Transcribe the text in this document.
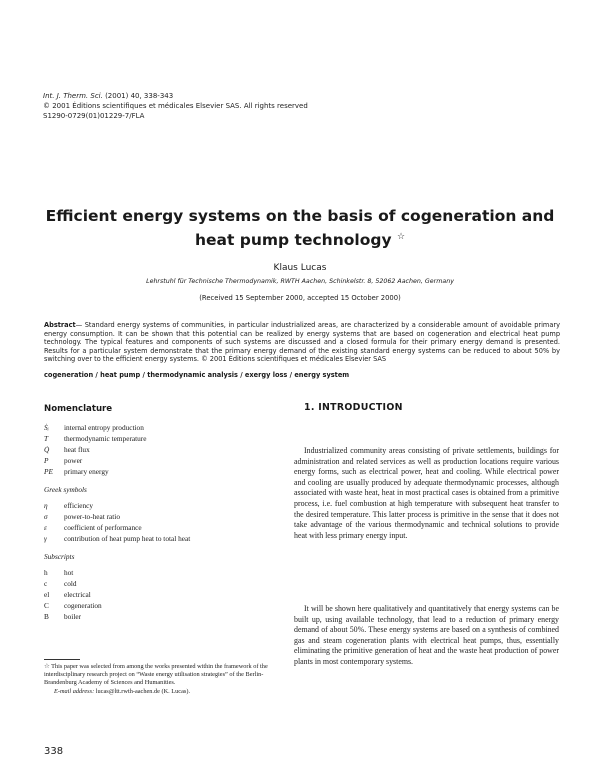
Int. J. Therm. Sci. (2001) 40, 338-343
© 2001 Éditions scientifiques et médicales Elsevier SAS. All rights reserved
S1290-0729(01)01229-7/FLA
Efficient energy systems on the basis of cogeneration and
heat pump technology ☆
Klaus Lucas
Lehrstuhl für Technische Thermodynamik, RWTH Aachen, Schinkelstr. 8, 52062 Aachen, Germany
(Received 15 September 2000, accepted 15 October 2000)
Abstract— Standard energy systems of communities, in particular industrialized areas, are characterized by a considerable amount of avoidable primary energy consumption. It can be shown that this potential can be realized by energy systems that are based on cogeneration and electrical heat pump technology. The typical features and components of such systems are discussed and a closed formula for their primary energy demand is presented. Results for a particular system demonstrate that the primary energy demand of the existing standard energy systems can be reduced to about 50% by switching over to the efficient energy systems. © 2001 Éditions scientifiques et médicales Elsevier SAS
cogeneration / heat pump / thermodynamic analysis / exergy loss / energy system
Nomenclature	1. INTRODUCTION
Ṡᵢ	internal entropy production
T	thermodynamic temperature
Q̇	heat flux
P	power
PE	primary energy
Greek symbols
η	efficiency
σ	power-to-heat ratio
ε	coefficient of performance
γ	contribution of heat pump heat to total heat
Subscripts
h	hot
c	cold
el	electrical
C	cogeneration
B	boiler
☆ This paper was selected from among the works presented within the framework of the interdisciplinary research project on “Waste energy utilisation strategies” of the Berlin-Brandenburg Academy of Sciences and Humanities.
E-mail address: lucas@ltt.rwth-aachen.de (K. Lucas).
338

Industrialized community areas consisting of private settlements, buildings for administration and related services as well as production locations require various energy forms, such as electrical power, heat and cooling. While electrical power and cooling are usually produced by adequate thermodynamic processes, although associated with waste heat, heat in most practical cases is obtained from a primitive process, i.e. fuel combustion at high temperature with subsequent heat transfer to the desired temperature. This latter process is primitive in the sense that it does not take advantage of the various thermodynamic and technical solutions to provide heat with less primary energy input.

It will be shown here qualitatively and quantitatively that energy systems can be built up, using available technology, that lead to a reduction of primary energy demand of about 50%. These energy systems are based on a synthesis of combined gas and steam cogeneration plants with electrical heat pumps, thus, essentially eliminating the primitive generation of heat and the waste heat production of power plants in most contemporary systems.
